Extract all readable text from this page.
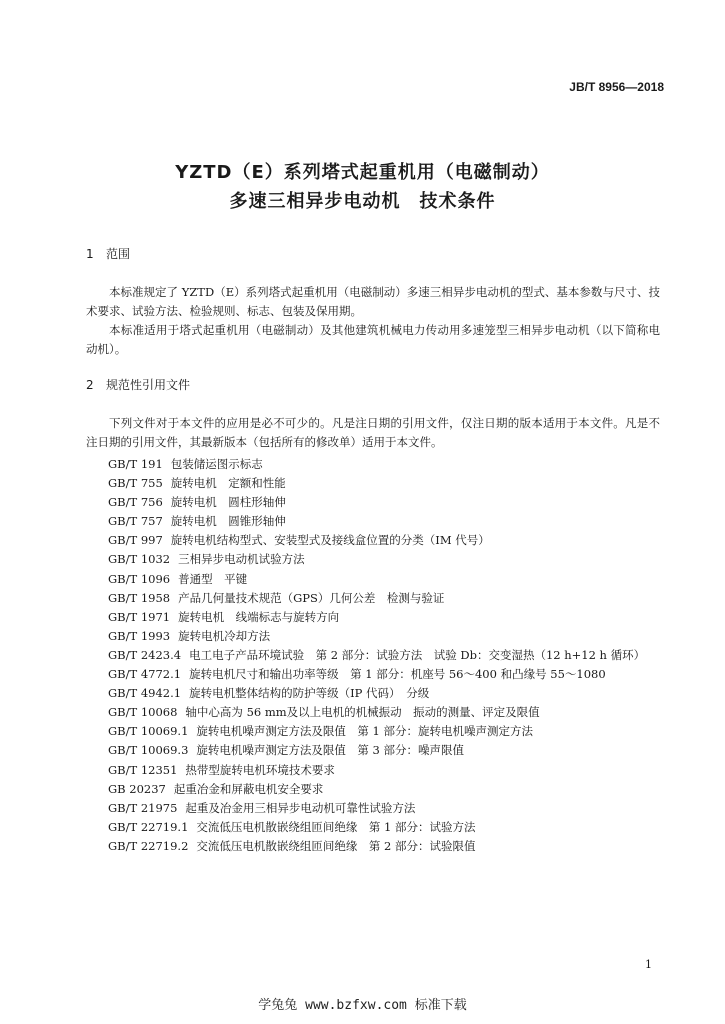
JB/T 8956—2018
YZTD（E）系列塔式起重机用（电磁制动）
多速三相异步电动机　技术条件
1 范围

本标准规定了 YZTD（E）系列塔式起重机用（电磁制动）多速三相异步电动机的型式、基本参数与尺寸、技术要求、试验方法、检验规则、标志、包装及保用期。

本标准适用于塔式起重机用（电磁制动）及其他建筑机械电力传动用多速笼型三相异步电动机（以下简称电动机）。

2 规范性引用文件

下列文件对于本文件的应用是必不可少的。凡是注日期的引用文件，仅注日期的版本适用于本文件。凡是不注日期的引用文件，其最新版本（包括所有的修改单）适用于本文件。

GB/T 191 包装储运图示标志
GB/T 755 旋转电机　定额和性能
GB/T 756 旋转电机　圆柱形轴伸
GB/T 757 旋转电机　圆锥形轴伸
GB/T 997 旋转电机结构型式、安装型式及接线盒位置的分类（IM 代号）
GB/T 1032 三相异步电动机试验方法
GB/T 1096 普通型　平键
GB/T 1958 产品几何量技术规范（GPS）几何公差　检测与验证
GB/T 1971 旋转电机　线端标志与旋转方向
GB/T 1993 旋转电机冷却方法
GB/T 2423.4 电工电子产品环境试验　第 2 部分：试验方法　试验 Db：交变湿热（12 h+12 h 循环）
GB/T 4772.1 旋转电机尺寸和输出功率等级　第 1 部分：机座号 56～400 和凸缘号 55～1080
GB/T 4942.1 旋转电机整体结构的防护等级（IP 代码）　分级
GB/T 10068 轴中心高为 56 mm及以上电机的机械振动　振动的测量、评定及限值
GB/T 10069.1 旋转电机噪声测定方法及限值　第 1 部分：旋转电机噪声测定方法
GB/T 10069.3 旋转电机噪声测定方法及限值　第 3 部分：噪声限值
GB/T 12351 热带型旋转电机环境技术要求
GB 20237 起重冶金和屏蔽电机安全要求
GB/T 21975 起重及冶金用三相异步电动机可靠性试验方法
GB/T 22719.1 交流低压电机散嵌绕组匝间绝缘　第 1 部分：试验方法
GB/T 22719.2 交流低压电机散嵌绕组匝间绝缘　第 2 部分：试验限值
1
学兔兔 www.bzfxw.com 标准下载
